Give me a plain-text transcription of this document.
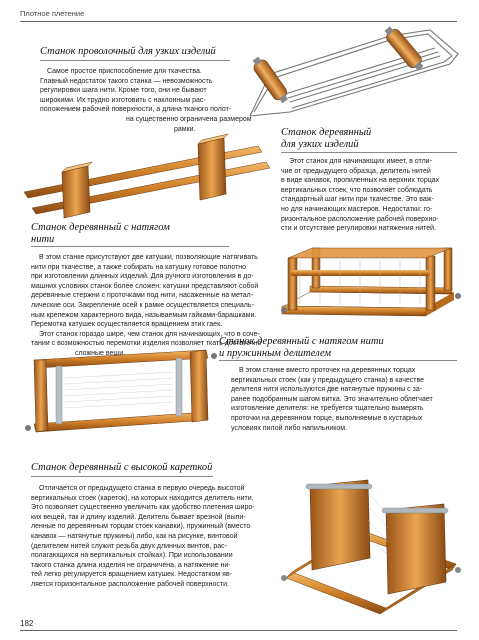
Плотное плетение
Станок проволочный для узких изделий
Самое простое приспособление для ткачества.
Главный недостаток такого станка — невозможность
регулировки шага нити. Кроме того, они не бывают
широкими. Их трудно изготовить с наклонным рас-
положением рабочей поверхности, а длина тканого полот-
на существенно ограничена размером
рамки.	Станок деревянный
для узких изделий
Этот станок для начинающих имеет, в отли-
чие от предыдущего образца, делитель нитей
в виде канавок, пропиленных на верхних торцах
вертикальных стоек, что позволяет соблюдать
стандартный шаг нити при ткачестве. Это важ-
но для начинающих мастеров. Недостатки: го-
ризонтальное расположение рабочей поверхно-
сти и отсутствие регулировки натяжения нитей.
Станок деревянный с натягом
нити
В этом станке присутствуют две катушки, позволяющие натягивать
нити при ткачестве, а также собирать на катушку готовое полотно
при изготовлении длинных изделий. Для ручного изготовления в до-
машних условиях станок более сложен: катушки представляют собой
деревянные стержни с проточками под нити, насаженные на метал-
лические оси. Закрепление осей к рамке осуществляется специаль-
ным крепежом характерного вида, называемым гайками-барашками.
Перемотка катушек осуществляется вращением этих гаек.
Этот станок гораздо шире, чем станок для начинающих, что в соче-
тании с возможностью перемотки изделия позволяет ткать достаточно
сложные вещи.
Станок деревянный с натягом нити
и пружинным делителем
В этом станке вместо проточек на деревянных торцах
вертикальных стоек (как у предыдущего станка) в качестве
делителя нити используются две натянутые пружины с за-
ранее подобранным шагом витка. Это значительно облегчает
изготовление делителя: не требуется тщательно вымерять
проточки на деревянном торце, выполняемые в кустарных
условиях пилой либо напильником.
Станок деревянный с высокой кареткой
Отличается от предыдущего станка в первую очередь высотой
вертикальных стоек (кареток), на которых находится делитель нити.
Это позволяет существенно увеличить как удобство плетения широ-
ких вещей, так и длину изделий. Делитель бывает врезной (выпи-
ленные по деревянным торцам стоек канавки), пружинный (вместо
канавок — натянутые пружины) либо, как на рисунке, винтовой
(делителем нитей служит резьба двух длинных винтов, рас-
полагающихся на вертикальных стойках). При использовании
такого станка длина изделия не ограничена, а натяжение ни-
тей легко регулируется вращением катушек. Недостатком яв-
ляется горизонтальное расположение рабочей поверхности.
182
